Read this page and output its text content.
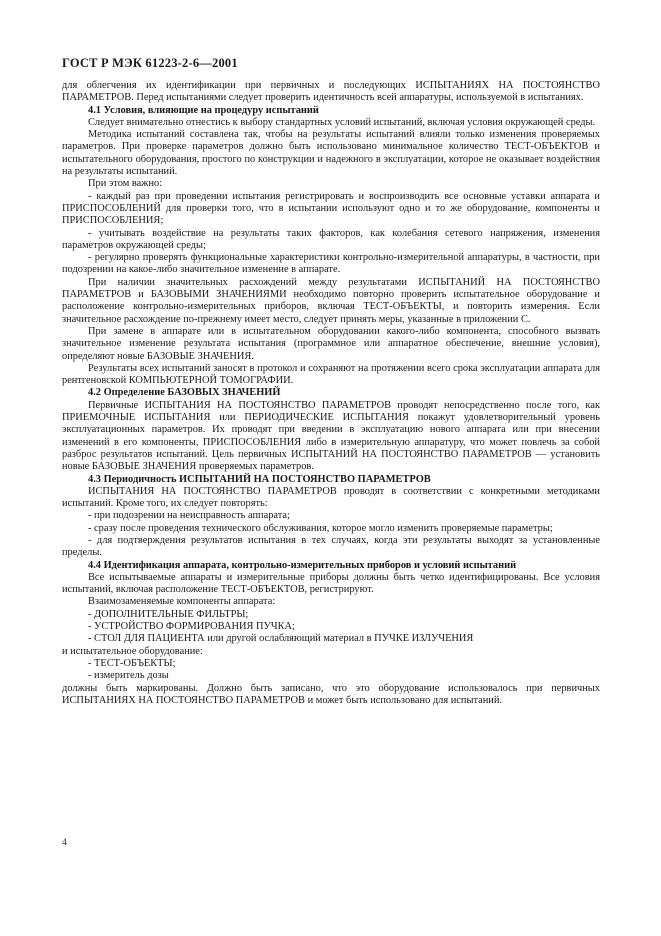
ГОСТ Р МЭК 61223-2-6—2001

для облегчения их идентификации при первичных и последующих ИСПЫТАНИЯХ НА ПОСТОЯНСТВО ПАРАМЕТРОВ. Перед испытаниями следует проверить идентичность всей аппаратуры, используемой в испытаниях.

4.1 Условия, влияющие на процедуру испытаний

Следует внимательно отнестись к выбору стандартных условий испытаний, включая условия окружающей среды.

Методика испытаний составлена так, чтобы на результаты испытаний влияли только изменения проверяемых параметров. При проверке параметров должно быть использовано минимальное количество ТЕСТ-ОБЪЕКТОВ и испытательного оборудования, простого по конструкции и надежного в эксплуатации, которое не оказывает воздействия на результаты испытаний.

При этом важно:

- каждый раз при проведении испытания регистрировать и воспроизводить все основные уставки аппарата и ПРИСПОСОБЛЕНИЙ для проверки того, что в испытании используют одно и то же оборудование, компоненты и ПРИСПОСОБЛЕНИЯ;

- учитывать воздействие на результаты таких факторов, как колебания сетевого напряжения, изменения параметров окружающей среды;

- регулярно проверять функциональные характеристики контрольно-измерительной аппаратуры, в частности, при подозрении на какое-либо значительное изменение в аппарате.

При наличии значительных расхождений между результатами ИСПЫТАНИЙ НА ПОСТОЯНСТВО ПАРАМЕТРОВ и БАЗОВЫМИ ЗНАЧЕНИЯМИ необходимо повторно проверить испытательное оборудование и расположение контрольно-измерительных приборов, включая ТЕСТ-ОБЪЕКТЫ, и повторить измерения. Если значительное расхождение по-прежнему имеет место, следует принять меры, указанные в приложении С.

При замене в аппарате или в испытательном оборудовании какого-либо компонента, способного вызвать значительное изменение результата испытания (программное или аппаратное обеспечение, внешние условия), определяют новые БАЗОВЫЕ ЗНАЧЕНИЯ.

Результаты всех испытаний заносят в протокол и сохраняют на протяжении всего срока эксплуатации аппарата для рентгеновской КОМПЬЮТЕРНОЙ ТОМОГРАФИИ.

4.2 Определение БАЗОВЫХ ЗНАЧЕНИЙ

Первичные ИСПЫТАНИЯ НА ПОСТОЯНСТВО ПАРАМЕТРОВ проводят непосредственно после того, как ПРИЕМОЧНЫЕ ИСПЫТАНИЯ или ПЕРИОДИЧЕСКИЕ ИСПЫТАНИЯ покажут удовлетворительный уровень эксплуатационных параметров. Их проводят при введении в эксплуатацию нового аппарата или при внесении изменений в его компоненты, ПРИСПОСОБЛЕНИЯ либо в измерительную аппаратуру, что может повлечь за собой разброс результатов испытаний. Цель первичных ИСПЫТАНИЙ НА ПОСТОЯНСТВО ПАРАМЕТРОВ — установить новые БАЗОВЫЕ ЗНАЧЕНИЯ проверяемых параметров.

4.3 Периодичность ИСПЫТАНИЙ НА ПОСТОЯНСТВО ПАРАМЕТРОВ

ИСПЫТАНИЯ НА ПОСТОЯНСТВО ПАРАМЕТРОВ проводят в соответствии с конкретными методиками испытаний. Кроме того, их следует повторять:

- при подозрении на неисправность аппарата;

- сразу после проведения технического обслуживания, которое могло изменить проверяемые параметры;

- для подтверждения результатов испытания в тех случаях, когда эти результаты выходят за установленные пределы.

4.4 Идентификация аппарата, контрольно-измерительных приборов и условий испытаний

Все испытываемые аппараты и измерительные приборы должны быть четко идентифицированы. Все условия испытаний, включая расположение ТЕСТ-ОБЪЕКТОВ, регистрируют.

Взаимозаменяемые компоненты аппарата:

- ДОПОЛНИТЕЛЬНЫЕ ФИЛЬТРЫ;

- УСТРОЙСТВО ФОРМИРОВАНИЯ ПУЧКА;

- СТОЛ ДЛЯ ПАЦИЕНТА или другой ослабляющий материал в ПУЧКЕ ИЗЛУЧЕНИЯ

и испытательное оборудование:

- ТЕСТ-ОБЪЕКТЫ;

- измеритель дозы

должны быть маркированы. Должно быть записано, что это оборудование использовалось при первичных ИСПЫТАНИЯХ НА ПОСТОЯНСТВО ПАРАМЕТРОВ и может быть использовано для испытаний.

4
